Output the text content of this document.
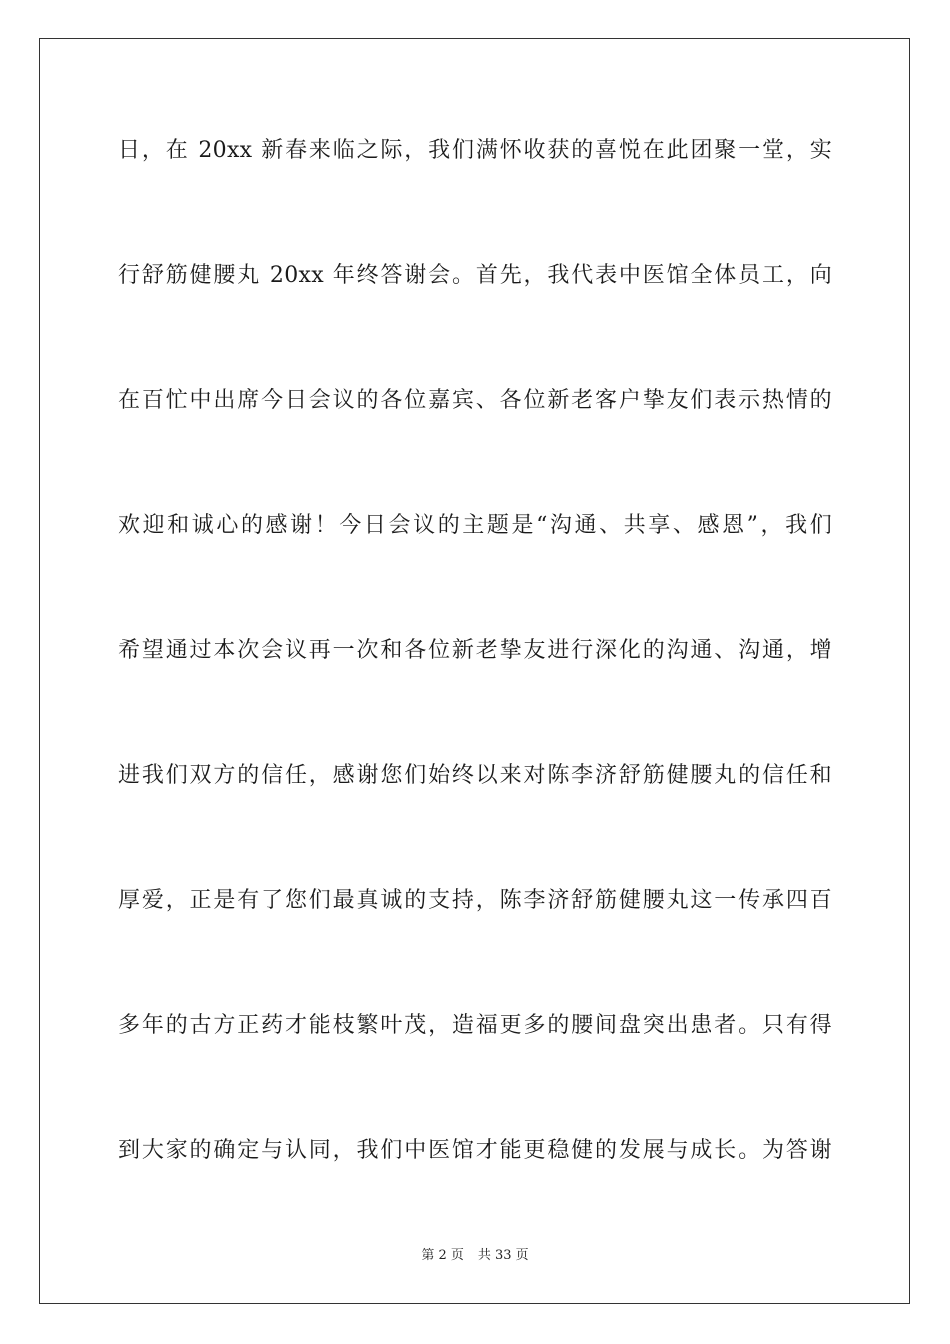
日，在 20xx 新春来临之际，我们满怀收获的喜悦在此团聚一堂，实
行舒筋健腰丸 20xx 年终答谢会。首先，我代表中医馆全体员工，向
在百忙中出席今日会议的各位嘉宾、各位新老客户挚友们表示热情的
欢迎和诚心的感谢！今日会议的主题是“沟通、共享、感恩”，我们
希望通过本次会议再一次和各位新老挚友进行深化的沟通、沟通，增
进我们双方的信任，感谢您们始终以来对陈李济舒筋健腰丸的信任和
厚爱，正是有了您们最真诚的支持，陈李济舒筋健腰丸这一传承四百
多年的古方正药才能枝繁叶茂，造福更多的腰间盘突出患者。只有得
到大家的确定与认同，我们中医馆才能更稳健的发展与成长。为答谢
第 2 页 共 33 页
